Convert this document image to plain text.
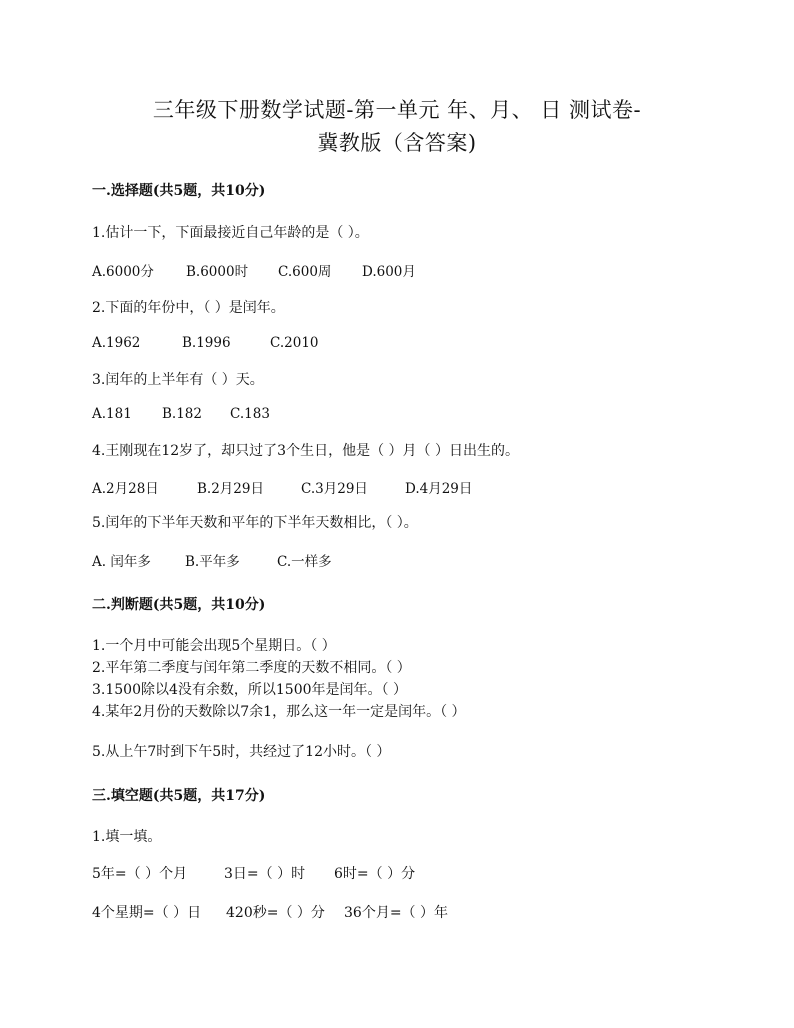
三年级下册数学试题-第一单元 年、月、 日 测试卷-
冀教版（含答案)
一.选择题(共5题，共10分)
1.估计一下，下面最接近自己年龄的是（ ）。
A.6000分 B.6000时 C.600周 D.600月
2.下面的年份中，（ ）是闰年。
A.1962	B.1996	C.2010
3.闰年的上半年有（ ）天。
A.181 B.182 C.183
4.王刚现在12岁了，却只过了3个生日，他是（ ）月（ ）日出生的。
A.2月28日	B.2月29日	C.3月29日	D.4月29日
5.闰年的下半年天数和平年的下半年天数相比，（ ）。
A. 闰年多	B.平年多	C.一样多
二.判断题(共5题，共10分)
1.一个月中可能会出现5个星期日。（ ）
2.平年第二季度与闰年第二季度的天数不相同。（ ）
3.1500除以4没有余数，所以1500年是闰年。（ ）
4.某年2月份的天数除以7余1，那么这一年一定是闰年。（ ）
5.从上午7时到下午5时，共经过了12小时。（ ）
三.填空题(共5题，共17分)
1.填一填。
5年=（ ）个月	3日=（ ）时 6时=（ ）分
4个星期=（ ）日 420秒=（ ）分 36个月=（ ）年
